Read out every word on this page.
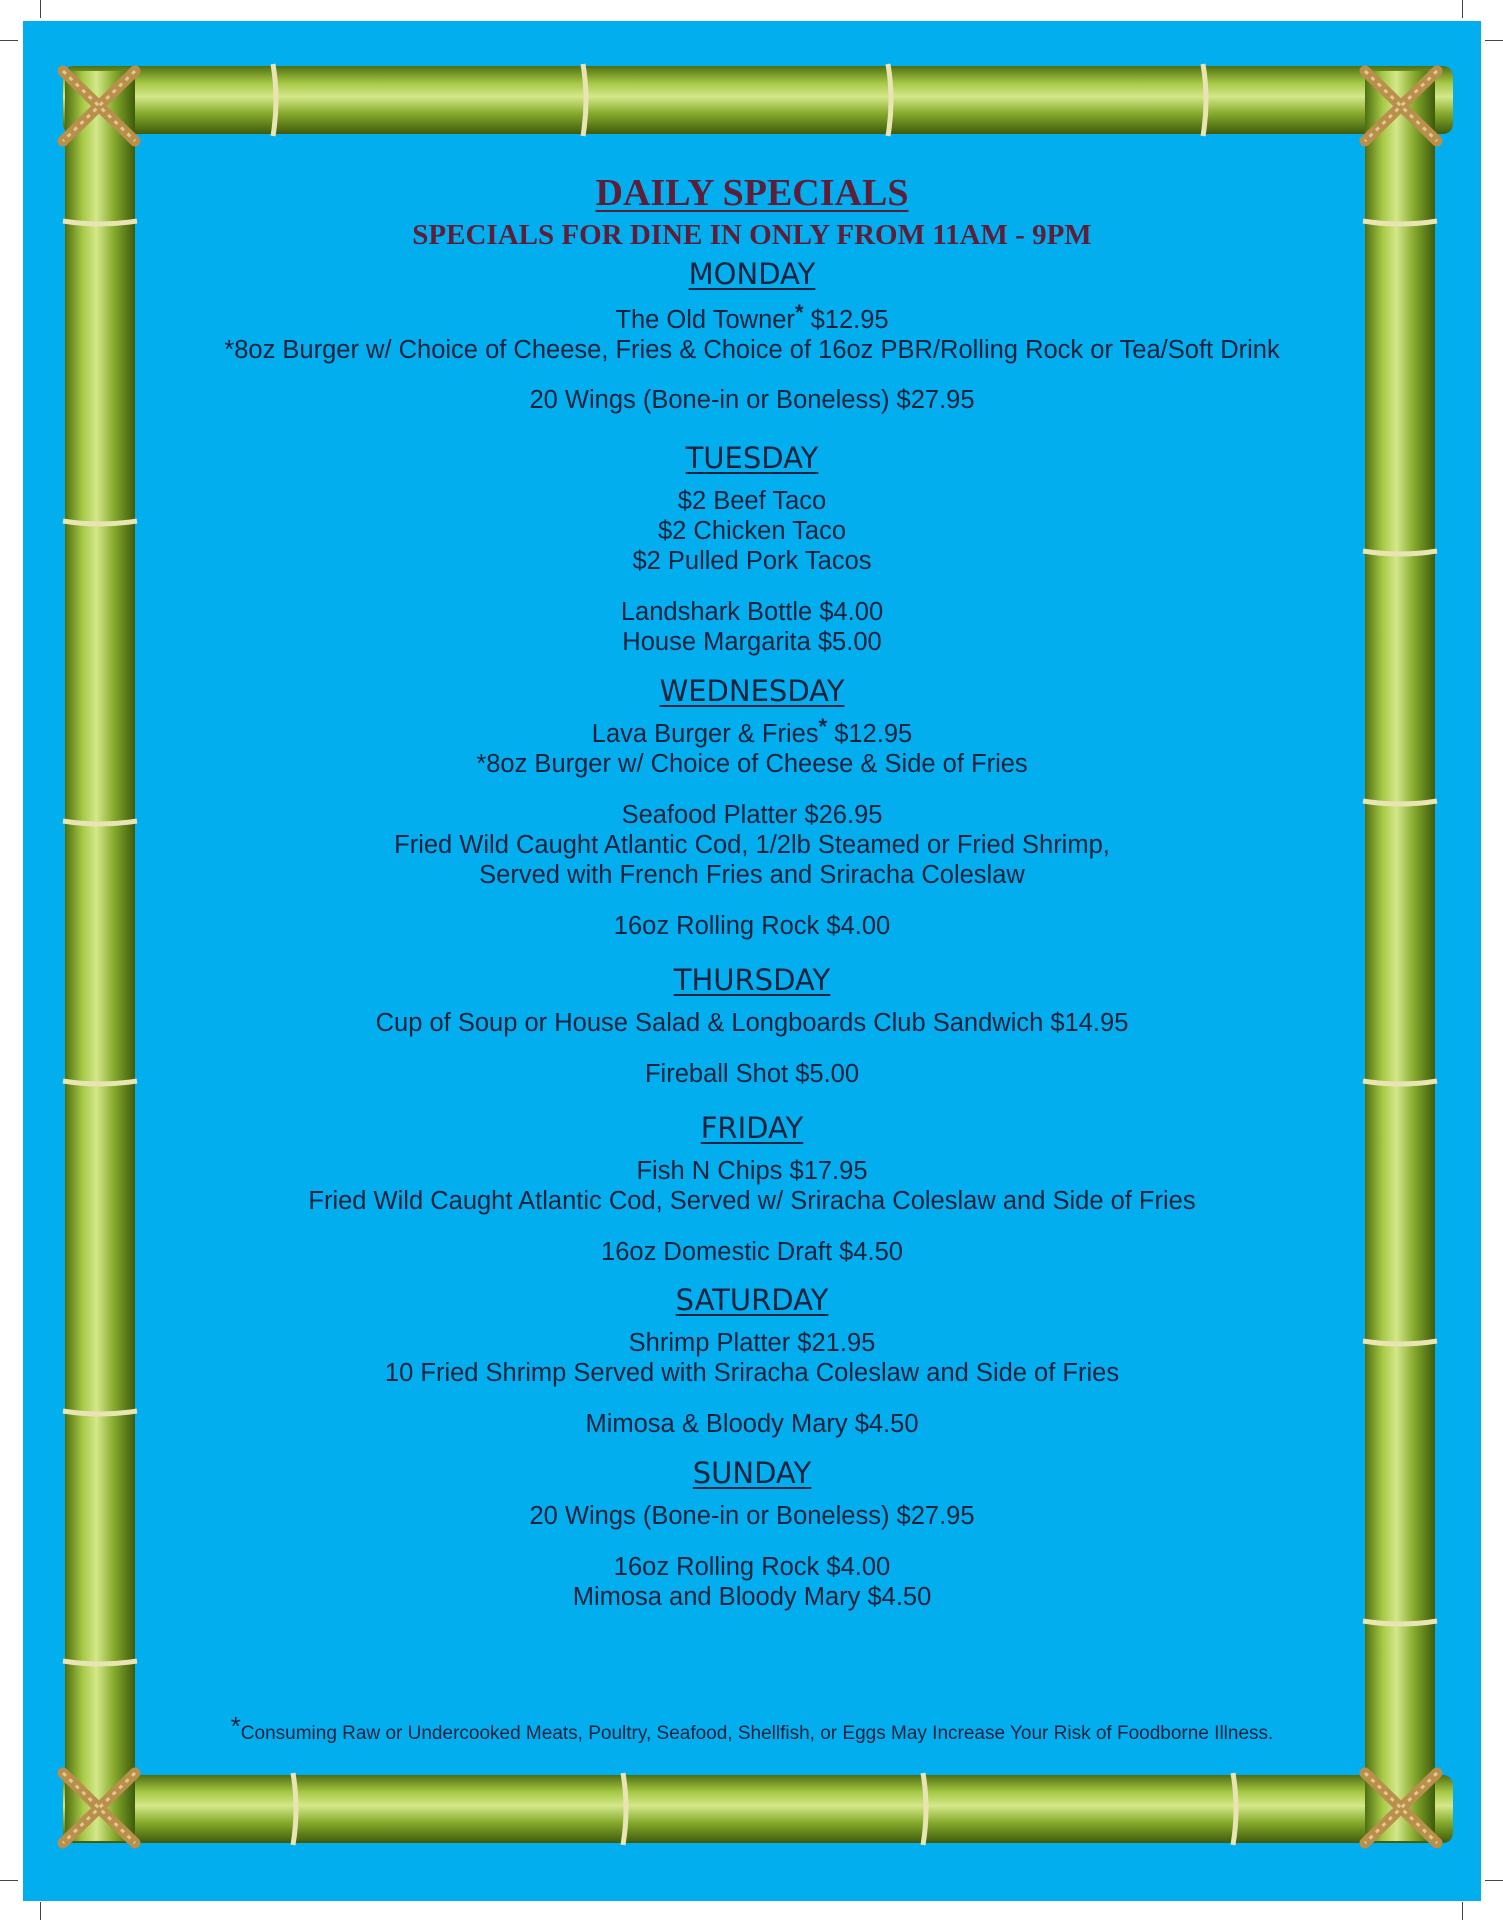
DAILY SPECIALS
SPECIALS FOR DINE IN ONLY FROM 11AM - 9PM
MONDAY
The Old Towner* $12.95
*8oz Burger w/ Choice of Cheese, Fries & Choice of 16oz PBR/Rolling Rock or Tea/Soft Drink
20 Wings (Bone-in or Boneless) $27.95
TUESDAY
$2 Beef Taco
$2 Chicken Taco
$2 Pulled Pork Tacos
Landshark Bottle $4.00
House Margarita $5.00
WEDNESDAY
Lava Burger & Fries* $12.95
*8oz Burger w/ Choice of Cheese & Side of Fries
Seafood Platter $26.95
Fried Wild Caught Atlantic Cod, 1/2lb Steamed or Fried Shrimp,
Served with French Fries and Sriracha Coleslaw
16oz Rolling Rock $4.00
THURSDAY
Cup of Soup or House Salad & Longboards Club Sandwich $14.95
Fireball Shot $5.00
FRIDAY
Fish N Chips $17.95
Fried Wild Caught Atlantic Cod, Served w/ Sriracha Coleslaw and Side of Fries
16oz Domestic Draft $4.50
SATURDAY
Shrimp Platter $21.95
10 Fried Shrimp Served with Sriracha Coleslaw and Side of Fries
Mimosa & Bloody Mary $4.50
SUNDAY
20 Wings (Bone-in or Boneless) $27.95
16oz Rolling Rock $4.00
Mimosa and Bloody Mary $4.50
*Consuming Raw or Undercooked Meats, Poultry, Seafood, Shellfish, or Eggs May Increase Your Risk of Foodborne Illness.
